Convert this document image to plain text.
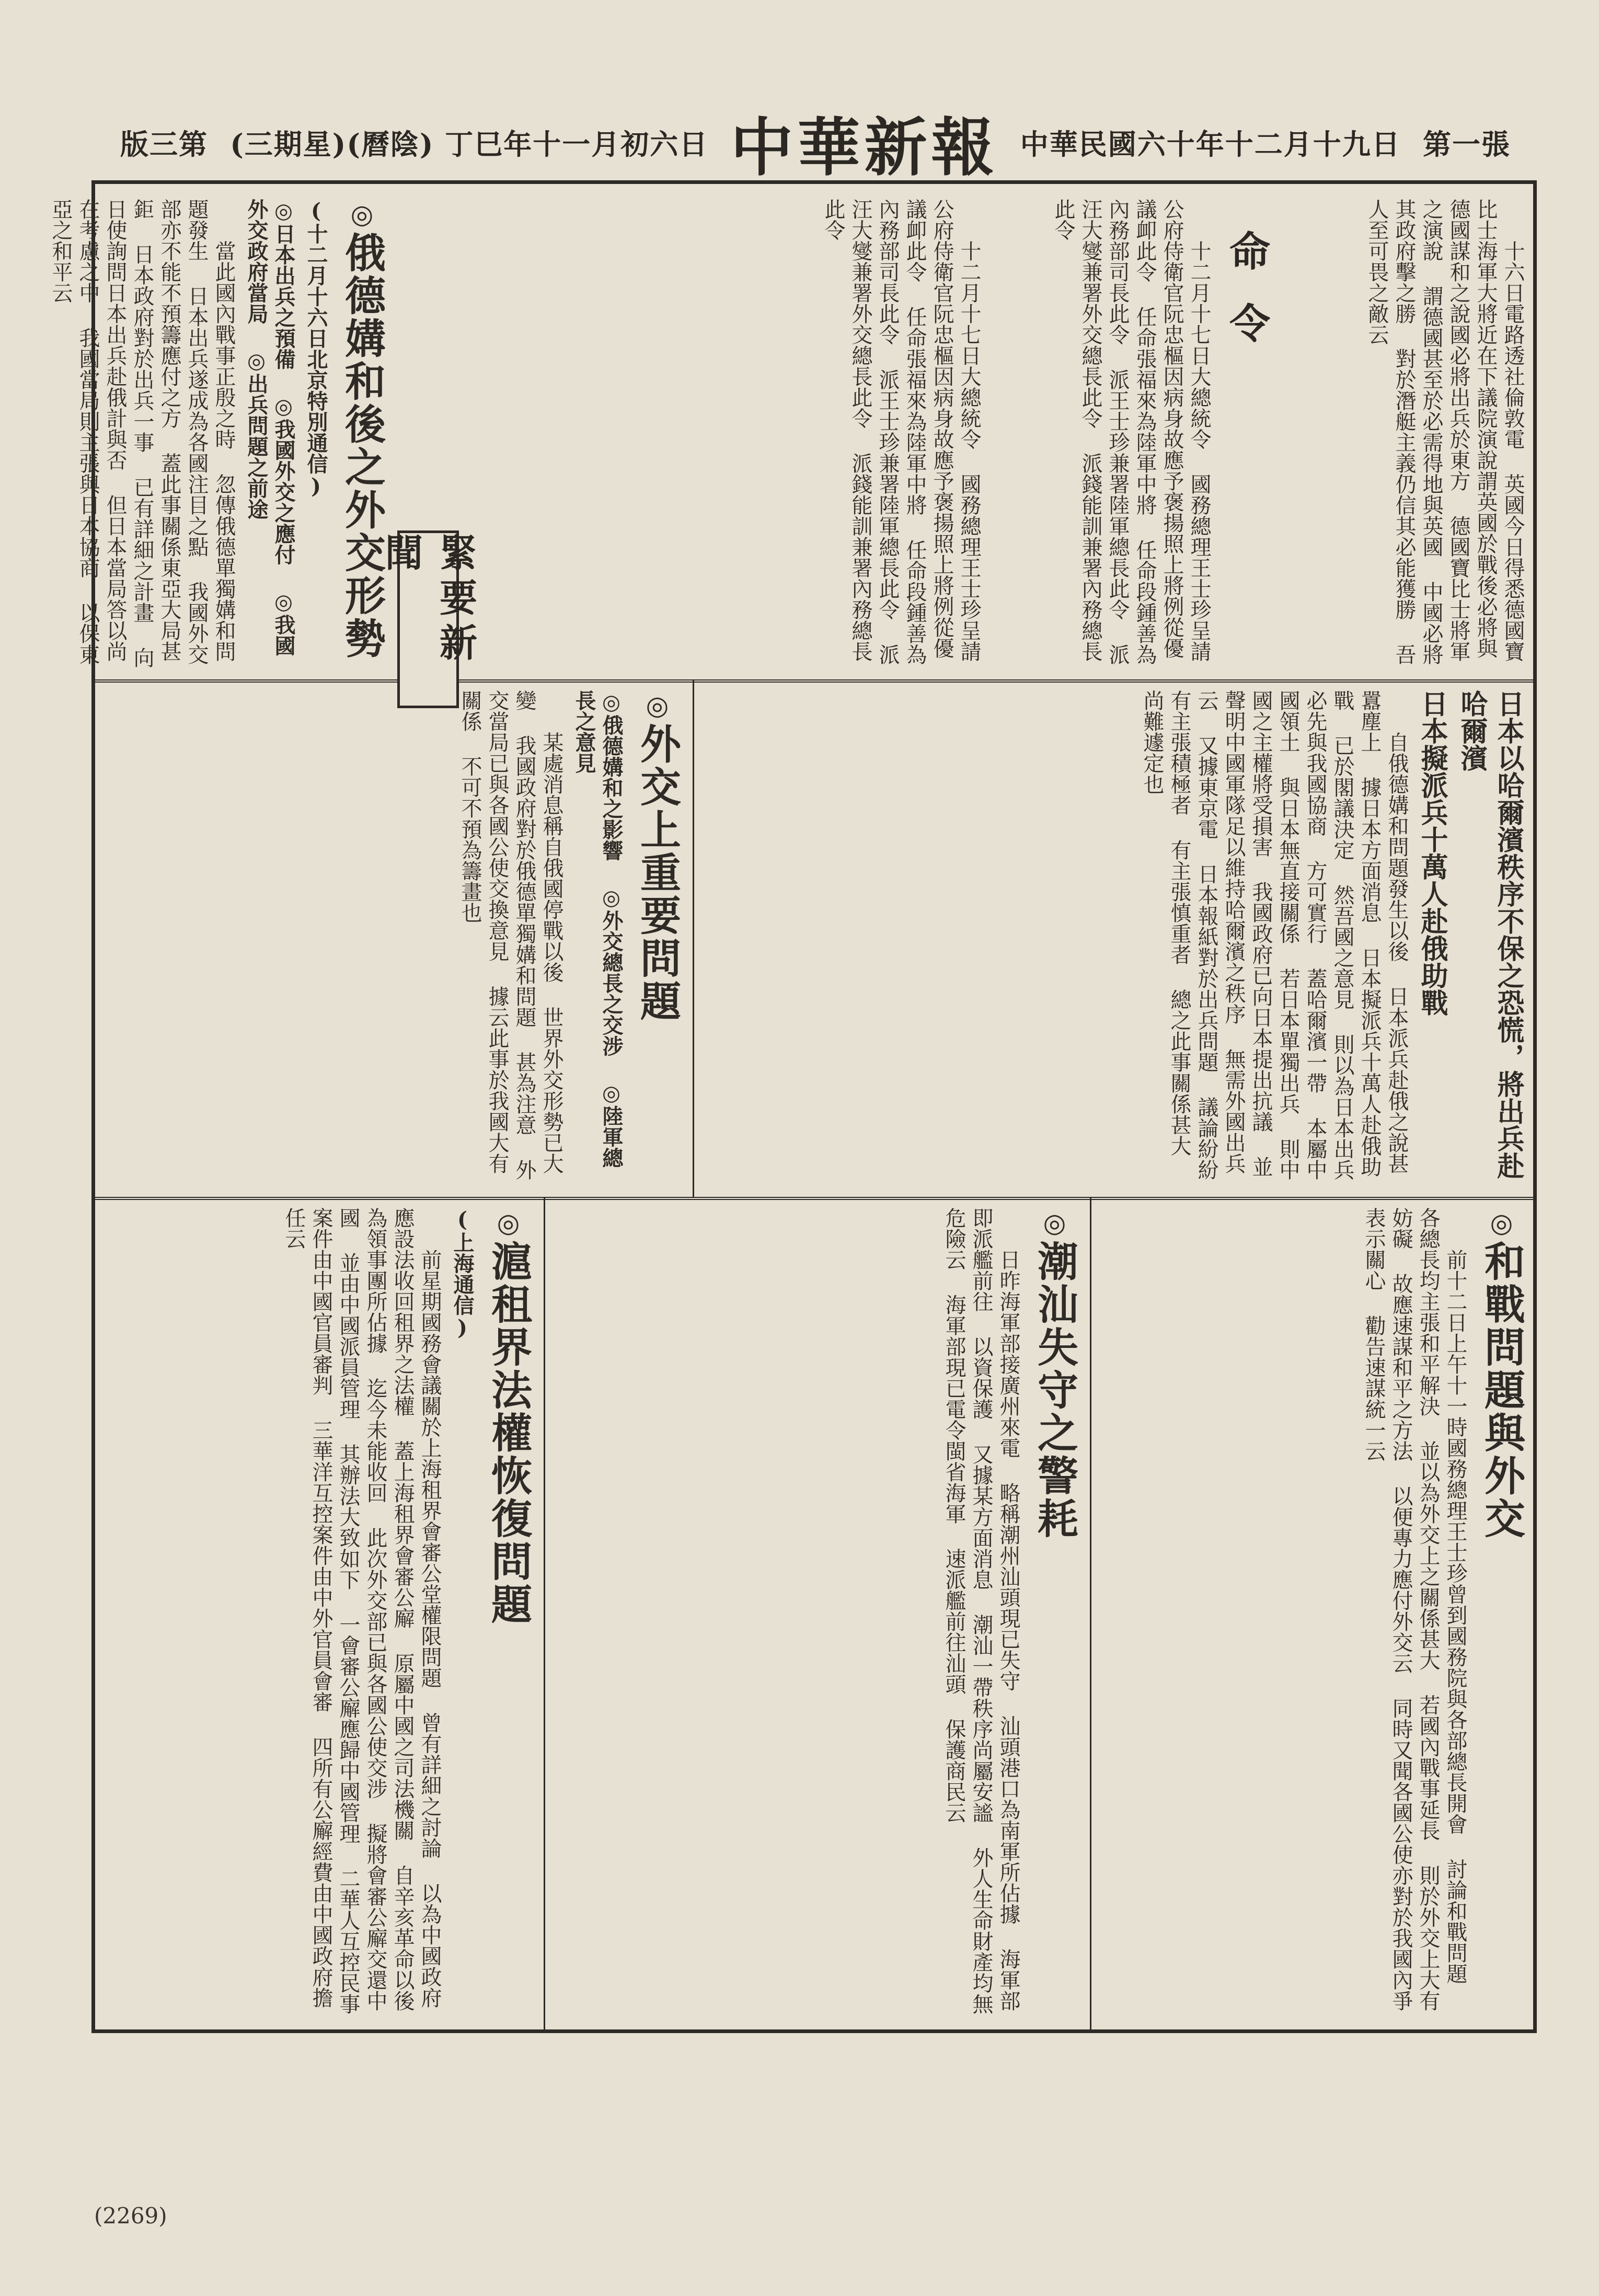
第一張
中華民國六十年十二月十九日
中華新報
(三期星)(曆陰) 丁巳年十一月初六日
版三第
命令

十二月十七日大總統令 國務總理王士珍呈請公府侍衛官阮忠樞因病身故應予褒揚照上將例從優議卹此令 任命張福來為陸軍中將 任命段鍾善為內務部司長此令 派王士珍兼署陸軍總長此令 派汪大燮兼署外交總長此令 派錢能訓兼署內務總長此令

十六日電路透社倫敦電 英國今日得悉德國寶比士海軍大將近在下議院演說謂英國於戰後必將與德國謀和之說國必將出兵於東方 德國寶比士將軍之演說 謂德國甚至於必需得地與英國 中國必將其政府擊之勝 對於潛艇主義仍信其必能獲勝 吾人至可畏之敵云

◎俄德媾和後之外交形勢
(十二月十六日北京特別通信)
◎日本出兵之預備 ◎我國外交之應付 ◎我國外交政府當局 ◎出兵問題之前途

當此國內戰事正殷之時 忽傳俄德單獨媾和問題發生 日本出兵遂成為各國注目之點 我國外交部亦不能不預籌應付之方 蓋此事關係東亞大局甚鉅 日本政府對於出兵一事 已有詳細之計畫 向日使詢問日本出兵赴俄計與否 但日本當局答以尚在考慮之中 我國當局則主張與日本協商 以保東亞之和平云

緊要新聞	十二月十七日大總統令 國務總理王士珍呈請公府侍衛官阮忠樞因病身故應予褒揚照上將例從優議卹此令 任命張福來為陸軍中將 任命段鍾善為內務部司長此令 派王士珍兼署陸軍總長此令 派汪大燮兼署外交總長此令 派錢能訓兼署內務總長此令

日本以哈爾濱秩序不保之恐慌，將出兵赴哈爾濱

日本擬派兵十萬人赴俄助戰

自俄德媾和問題發生以後 日本派兵赴俄之說甚囂塵上 據日本方面消息 日本擬派兵十萬人赴俄助戰 已於閣議決定 然吾國之意見 則以為日本出兵 必先與我國協商 方可實行 蓋哈爾濱一帶 本屬中國領土 與日本無直接關係 若日本單獨出兵 則中國之主權將受損害 我國政府已向日本提出抗議 並聲明中國軍隊足以維持哈爾濱之秩序 無需外國出兵云 又據東京電 日本報紙對於出兵問題 議論紛紛 有主張積極者 有主張慎重者 總之此事關係甚大 尚難遽定也

◎外交上重要問題
◎俄德媾和之影響 ◎外交總長之交涉 ◎陸軍總長之意見

某處消息稱自俄國停戰以後 世界外交形勢已大變 我國政府對於俄德單獨媾和問題 甚為注意 外交當局已與各國公使交換意見 據云此事於我國大有關係 不可不預為籌畫也

◎和戰問題與外交

前十二日上午十一時國務總理王士珍曾到國務院與各部總長開會 討論和戰問題 各總長均主張和平解決 並以為外交上之關係甚大 若國內戰事延長 則於外交上大有妨礙 故應速謀和平之方法 以便專力應付外交云 同時又聞各國公使亦對於我國內爭表示關心 勸告速謀統一云

◎潮汕失守之警耗

日昨海軍部接廣州來電 略稱潮州汕頭現已失守 汕頭港口為南軍所佔據 海軍部即派艦前往 以資保護 又據某方面消息 潮汕一帶秩序尚屬安謐 外人生命財產均無危險云 海軍部現已電令閩省海軍 速派艦前往汕頭 保護商民云

◎滬租界法權恢復問題
(上海通信)

前星期國務會議關於上海租界會審公堂權限問題 曾有詳細之討論 以為中國政府應設法收回租界之法權 蓋上海租界會審公廨 原屬中國之司法機關 自辛亥革命以後 為領事團所佔據 迄今未能收回 此次外交部已與各國公使交涉 擬將會審公廨交還中國 並由中國派員管理 其辦法大致如下 一會審公廨應歸中國管理 二華人互控民事案件由中國官員審判 三華洋互控案件由中外官員會審 四所有公廨經費由中國政府擔任云

(2269)
